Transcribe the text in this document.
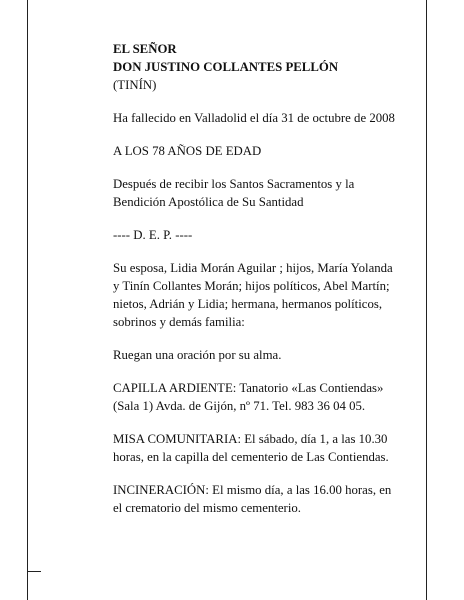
EL SEÑOR

DON JUSTINO COLLANTES PELLÓN

(TINÍN)

Ha fallecido en Valladolid el día 31 de octubre de 2008

A LOS 78 AÑOS DE EDAD

Después de recibir los Santos Sacramentos y la

Bendición Apostólica de Su Santidad

---- D. E. P. ----

Su esposa, Lidia Morán Aguilar ; hijos, María Yolanda

y Tinín Collantes Morán; hijos políticos, Abel Martín;

nietos, Adrián y Lidia; hermana, hermanos políticos,

sobrinos y demás familia:

Ruegan una oración por su alma.

CAPILLA ARDIENTE: Tanatorio «Las Contiendas»

(Sala 1) Avda. de Gijón, nº 71. Tel. 983 36 04 05.

MISA COMUNITARIA: El sábado, día 1, a las 10.30

horas, en la capilla del cementerio de Las Contiendas.

INCINERACIÓN: El mismo día, a las 16.00 horas, en

el crematorio del mismo cementerio.
